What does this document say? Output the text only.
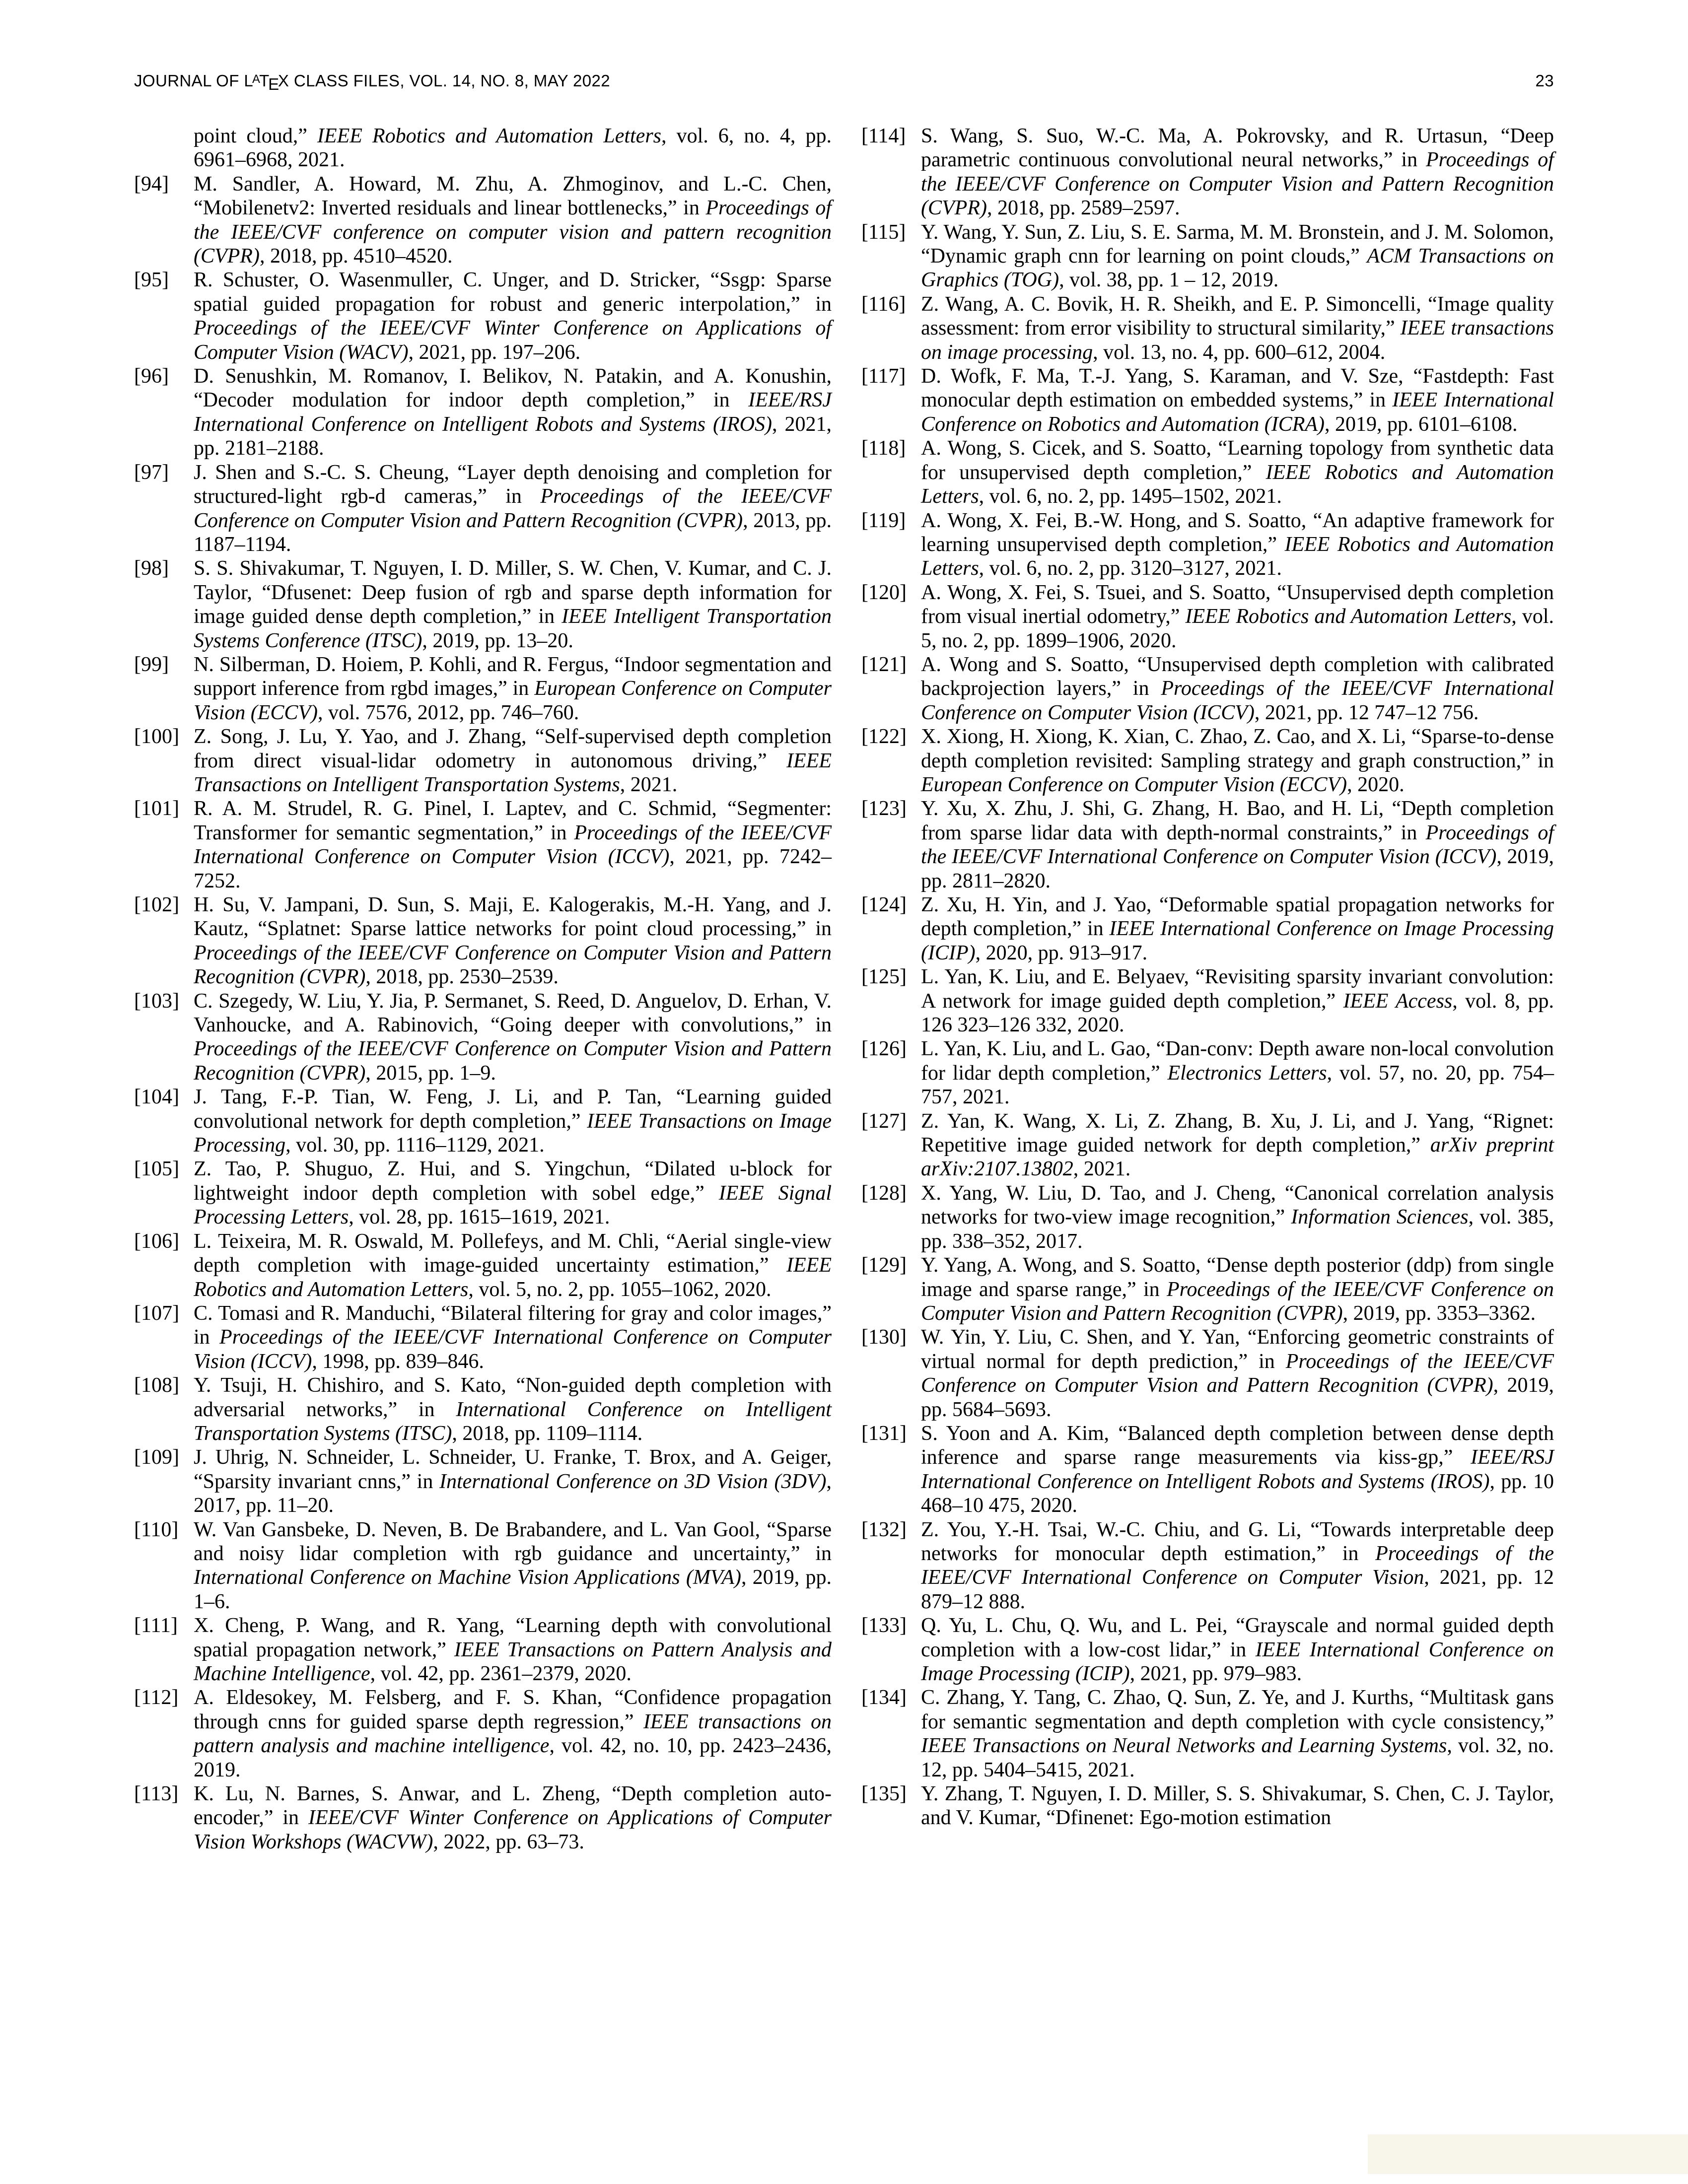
JOURNAL OF $L^ATEX$ CLASS FILES, VOL. 14, NO. 8, MAY 2022	23
point cloud,” IEEE Robotics and Automation Letters, vol. 6, no. 4, pp. 6961–6968, 2021.
[94] M. Sandler, A. Howard, M. Zhu, A. Zhmoginov, and L.-C. Chen, “Mobilenetv2: Inverted residuals and linear bottlenecks,” in Proceedings of the IEEE/CVF conference on computer vision and pattern recognition (CVPR), 2018, pp. 4510–4520.
[95] R. Schuster, O. Wasenmuller, C. Unger, and D. Stricker, “Ssgp: Sparse spatial guided propagation for robust and generic interpolation,” in Proceedings of the IEEE/CVF Winter Conference on Applications of Computer Vision (WACV), 2021, pp. 197–206.
[96] D. Senushkin, M. Romanov, I. Belikov, N. Patakin, and A. Konushin, “Decoder modulation for indoor depth completion,” in IEEE/RSJ International Conference on Intelligent Robots and Systems (IROS), 2021, pp. 2181–2188.
[97] J. Shen and S.-C. S. Cheung, “Layer depth denoising and completion for structured-light rgb-d cameras,” in Proceedings of the IEEE/CVF Conference on Computer Vision and Pattern Recognition (CVPR), 2013, pp. 1187–1194.
[98] S. S. Shivakumar, T. Nguyen, I. D. Miller, S. W. Chen, V. Kumar, and C. J. Taylor, “Dfusenet: Deep fusion of rgb and sparse depth information for image guided dense depth completion,” in IEEE Intelligent Transportation Systems Conference (ITSC), 2019, pp. 13–20.
[99] N. Silberman, D. Hoiem, P. Kohli, and R. Fergus, “Indoor segmentation and support inference from rgbd images,” in European Conference on Computer Vision (ECCV), vol. 7576, 2012, pp. 746–760.
[100] Z. Song, J. Lu, Y. Yao, and J. Zhang, “Self-supervised depth completion from direct visual-lidar odometry in autonomous driving,” IEEE Transactions on Intelligent Transportation Systems, 2021.
[101] R. A. M. Strudel, R. G. Pinel, I. Laptev, and C. Schmid, “Segmenter: Transformer for semantic segmentation,” in Proceedings of the IEEE/CVF International Conference on Computer Vision (ICCV), 2021, pp. 7242–7252.
[102] H. Su, V. Jampani, D. Sun, S. Maji, E. Kalogerakis, M.-H. Yang, and J. Kautz, “Splatnet: Sparse lattice networks for point cloud processing,” in Proceedings of the IEEE/CVF Conference on Computer Vision and Pattern Recognition (CVPR), 2018, pp. 2530–2539.
[103] C. Szegedy, W. Liu, Y. Jia, P. Sermanet, S. Reed, D. Anguelov, D. Erhan, V. Vanhoucke, and A. Rabinovich, “Going deeper with convolutions,” in Proceedings of the IEEE/CVF Conference on Computer Vision and Pattern Recognition (CVPR), 2015, pp. 1–9.
[104] J. Tang, F.-P. Tian, W. Feng, J. Li, and P. Tan, “Learning guided convolutional network for depth completion,” IEEE Transactions on Image Processing, vol. 30, pp. 1116–1129, 2021.
[105] Z. Tao, P. Shuguo, Z. Hui, and S. Yingchun, “Dilated u-block for lightweight indoor depth completion with sobel edge,” IEEE Signal Processing Letters, vol. 28, pp. 1615–1619, 2021.
[106] L. Teixeira, M. R. Oswald, M. Pollefeys, and M. Chli, “Aerial single-view depth completion with image-guided uncertainty estimation,” IEEE Robotics and Automation Letters, vol. 5, no. 2, pp. 1055–1062, 2020.
[107] C. Tomasi and R. Manduchi, “Bilateral filtering for gray and color images,” in Proceedings of the IEEE/CVF International Conference on Computer Vision (ICCV), 1998, pp. 839–846.
[108] Y. Tsuji, H. Chishiro, and S. Kato, “Non-guided depth completion with adversarial networks,” in International Conference on Intelligent Transportation Systems (ITSC), 2018, pp. 1109–1114.
[109] J. Uhrig, N. Schneider, L. Schneider, U. Franke, T. Brox, and A. Geiger, “Sparsity invariant cnns,” in International Conference on 3D Vision (3DV), 2017, pp. 11–20.
[110] W. Van Gansbeke, D. Neven, B. De Brabandere, and L. Van Gool, “Sparse and noisy lidar completion with rgb guidance and uncertainty,” in International Conference on Machine Vision Applications (MVA), 2019, pp. 1–6.
[111] X. Cheng, P. Wang, and R. Yang, “Learning depth with convolutional spatial propagation network,” IEEE Transactions on Pattern Analysis and Machine Intelligence, vol. 42, pp. 2361–2379, 2020.
[112] A. Eldesokey, M. Felsberg, and F. S. Khan, “Confidence propagation through cnns for guided sparse depth regression,” IEEE transactions on pattern analysis and machine intelligence, vol. 42, no. 10, pp. 2423–2436, 2019.
[113] K. Lu, N. Barnes, S. Anwar, and L. Zheng, “Depth completion auto-encoder,” in IEEE/CVF Winter Conference on Applications of Computer Vision Workshops (WACVW), 2022, pp. 63–73.
[114] S. Wang, S. Suo, W.-C. Ma, A. Pokrovsky, and R. Urtasun, “Deep parametric continuous convolutional neural networks,” in Proceedings of the IEEE/CVF Conference on Computer Vision and Pattern Recognition (CVPR), 2018, pp. 2589–2597.
[115] Y. Wang, Y. Sun, Z. Liu, S. E. Sarma, M. M. Bronstein, and J. M. Solomon, “Dynamic graph cnn for learning on point clouds,” ACM Transactions on Graphics (TOG), vol. 38, pp. 1 – 12, 2019.
[116] Z. Wang, A. C. Bovik, H. R. Sheikh, and E. P. Simoncelli, “Image quality assessment: from error visibility to structural similarity,” IEEE transactions on image processing, vol. 13, no. 4, pp. 600–612, 2004.
[117] D. Wofk, F. Ma, T.-J. Yang, S. Karaman, and V. Sze, “Fastdepth: Fast monocular depth estimation on embedded systems,” in IEEE International Conference on Robotics and Automation (ICRA), 2019, pp. 6101–6108.
[118] A. Wong, S. Cicek, and S. Soatto, “Learning topology from synthetic data for unsupervised depth completion,” IEEE Robotics and Automation Letters, vol. 6, no. 2, pp. 1495–1502, 2021.
[119] A. Wong, X. Fei, B.-W. Hong, and S. Soatto, “An adaptive framework for learning unsupervised depth completion,” IEEE Robotics and Automation Letters, vol. 6, no. 2, pp. 3120–3127, 2021.
[120] A. Wong, X. Fei, S. Tsuei, and S. Soatto, “Unsupervised depth completion from visual inertial odometry,” IEEE Robotics and Automation Letters, vol. 5, no. 2, pp. 1899–1906, 2020.
[121] A. Wong and S. Soatto, “Unsupervised depth completion with calibrated backprojection layers,” in Proceedings of the IEEE/CVF International Conference on Computer Vision (ICCV), 2021, pp. 12 747–12 756.
[122] X. Xiong, H. Xiong, K. Xian, C. Zhao, Z. Cao, and X. Li, “Sparse-to-dense depth completion revisited: Sampling strategy and graph construction,” in European Conference on Computer Vision (ECCV), 2020.
[123] Y. Xu, X. Zhu, J. Shi, G. Zhang, H. Bao, and H. Li, “Depth completion from sparse lidar data with depth-normal constraints,” in Proceedings of the IEEE/CVF International Conference on Computer Vision (ICCV), 2019, pp. 2811–2820.
[124] Z. Xu, H. Yin, and J. Yao, “Deformable spatial propagation networks for depth completion,” in IEEE International Conference on Image Processing (ICIP), 2020, pp. 913–917.
[125] L. Yan, K. Liu, and E. Belyaev, “Revisiting sparsity invariant convolution: A network for image guided depth completion,” IEEE Access, vol. 8, pp. 126 323–126 332, 2020.
[126] L. Yan, K. Liu, and L. Gao, “Dan-conv: Depth aware non-local convolution for lidar depth completion,” Electronics Letters, vol. 57, no. 20, pp. 754–757, 2021.
[127] Z. Yan, K. Wang, X. Li, Z. Zhang, B. Xu, J. Li, and J. Yang, “Rignet: Repetitive image guided network for depth completion,” arXiv preprint arXiv:2107.13802, 2021.
[128] X. Yang, W. Liu, D. Tao, and J. Cheng, “Canonical correlation analysis networks for two-view image recognition,” Information Sciences, vol. 385, pp. 338–352, 2017.
[129] Y. Yang, A. Wong, and S. Soatto, “Dense depth posterior (ddp) from single image and sparse range,” in Proceedings of the IEEE/CVF Conference on Computer Vision and Pattern Recognition (CVPR), 2019, pp. 3353–3362.
[130] W. Yin, Y. Liu, C. Shen, and Y. Yan, “Enforcing geometric constraints of virtual normal for depth prediction,” in Proceedings of the IEEE/CVF Conference on Computer Vision and Pattern Recognition (CVPR), 2019, pp. 5684–5693.
[131] S. Yoon and A. Kim, “Balanced depth completion between dense depth inference and sparse range measurements via kiss-gp,” IEEE/RSJ International Conference on Intelligent Robots and Systems (IROS), pp. 10 468–10 475, 2020.
[132] Z. You, Y.-H. Tsai, W.-C. Chiu, and G. Li, “Towards interpretable deep networks for monocular depth estimation,” in Proceedings of the IEEE/CVF International Conference on Computer Vision, 2021, pp. 12 879–12 888.
[133] Q. Yu, L. Chu, Q. Wu, and L. Pei, “Grayscale and normal guided depth completion with a low-cost lidar,” in IEEE International Conference on Image Processing (ICIP), 2021, pp. 979–983.
[134] C. Zhang, Y. Tang, C. Zhao, Q. Sun, Z. Ye, and J. Kurths, “Multitask gans for semantic segmentation and depth completion with cycle consistency,” IEEE Transactions on Neural Networks and Learning Systems, vol. 32, no. 12, pp. 5404–5415, 2021.
[135] Y. Zhang, T. Nguyen, I. D. Miller, S. S. Shivakumar, S. Chen, C. J. Taylor, and V. Kumar, “Dfinenet: Ego-motion estimation
